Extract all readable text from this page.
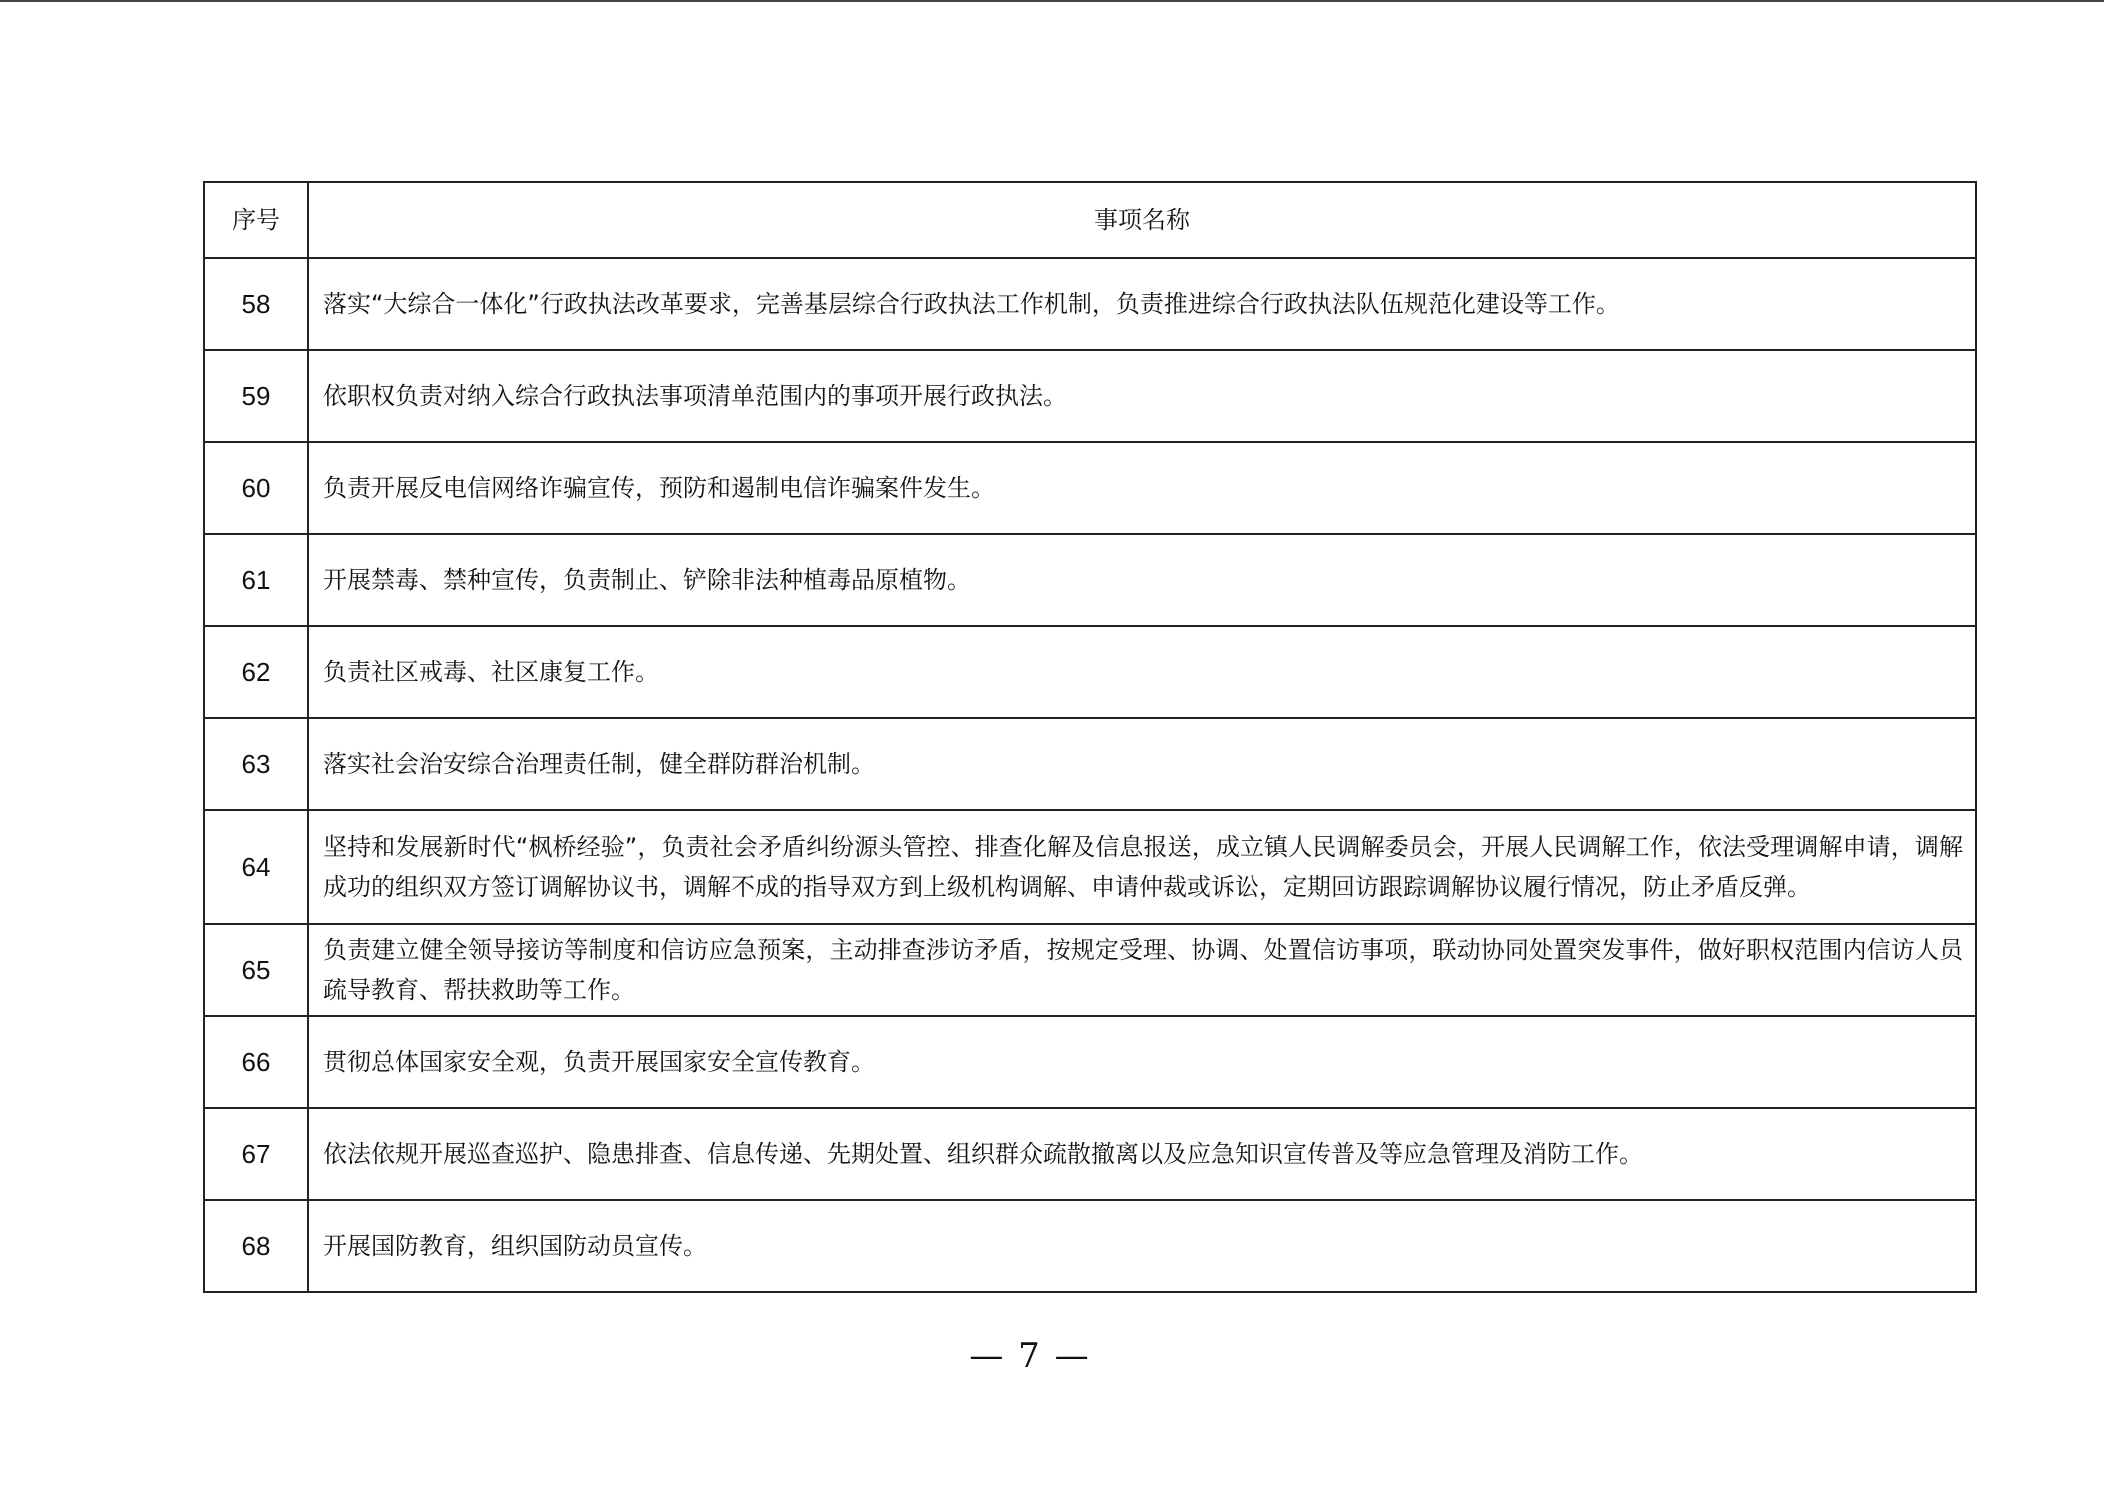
序号	事项名称
58	落实“大综合一体化”行政执法改革要求，完善基层综合行政执法工作机制，负责推进综合行政执法队伍规范化建设等工作。
59	依职权负责对纳入综合行政执法事项清单范围内的事项开展行政执法。
60	负责开展反电信网络诈骗宣传，预防和遏制电信诈骗案件发生。
61	开展禁毒、禁种宣传，负责制止、铲除非法种植毒品原植物。
62	负责社区戒毒、社区康复工作。
63	落实社会治安综合治理责任制，健全群防群治机制。
64	坚持和发展新时代“枫桥经验”，负责社会矛盾纠纷源头管控、排查化解及信息报送，成立镇人民调解委员会，开展人民调解工作，依法受理调解申请，调解成功的组织双方签订调解协议书，调解不成的指导双方到上级机构调解、申请仲裁或诉讼，定期回访跟踪调解协议履行情况，防止矛盾反弹。
65	负责建立健全领导接访等制度和信访应急预案，主动排查涉访矛盾，按规定受理、协调、处置信访事项，联动协同处置突发事件，做好职权范围内信访人员疏导教育、帮扶救助等工作。
66	贯彻总体国家安全观，负责开展国家安全宣传教育。
67	依法依规开展巡查巡护、隐患排查、信息传递、先期处置、组织群众疏散撤离以及应急知识宣传普及等应急管理及消防工作。
68	开展国防教育，组织国防动员宣传。
— 7 —
